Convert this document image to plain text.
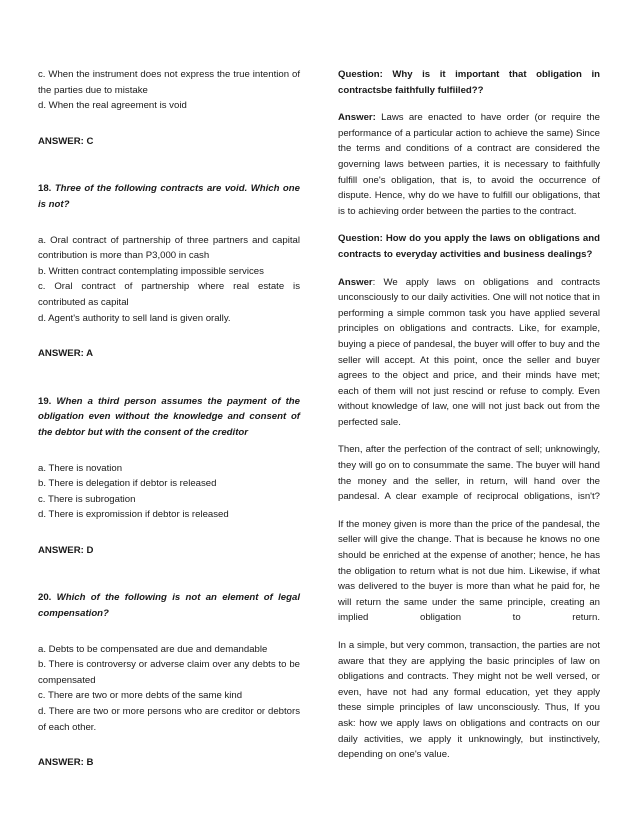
c. When the instrument does not express the true intention of the parties due to mistake

d. When the real agreement is void

ANSWER: C

18. Three of the following contracts are void. Which one is not?

a. Oral contract of partnership of three partners and capital contribution is more than P3,000 in cash

b. Written contract contemplating impossible services

c. Oral contract of partnership where real estate is contributed as capital

d. Agent's authority to sell land is given orally.

ANSWER: A

19. When a third person assumes the payment of the obligation even without the knowledge and consent of the debtor but with the consent of the creditor

a. There is novation

b. There is delegation if debtor is released

c. There is subrogation

d. There is expromission if debtor is released

ANSWER: D

20. Which of the following is not an element of legal compensation?

a. Debts to be compensated are due and demandable

b. There is controversy or adverse claim over any debts to be compensated

c. There are two or more debts of the same kind

d. There are two or more persons who are creditor or debtors of each other.

ANSWER: B

Question: Why is it important that obligation in contractsbe faithfully fulfiiled??

Answer: Laws are enacted to have order (or require the performance of a particular action to achieve the same) Since the terms and conditions of a contract are considered the governing laws between parties, it is necessary to faithfully fulfill one's obligation, that is, to avoid the occurrence of dispute. Hence, why do we have to fulfill our obligations, that is to achieving order between the parties to the contract.

Question: How do you apply the laws on obligations and contracts to everyday activities and business dealings?

Answer: We apply laws on obligations and contracts unconsciously to our daily activities. One will not notice that in performing a simple common task you have applied several principles on obligations and contracts. Like, for example, buying a piece of pandesal, the buyer will offer to buy and the seller will accept. At this point, once the seller and buyer agrees to the object and price, and their minds have met; each of them will not just rescind or refuse to comply. Even without knowledge of law, one will not just back out from the perfected sale.

Then, after the perfection of the contract of sell; unknowingly, they will go on to consummate the same. The buyer will hand the money and the seller, in return, will hand over the pandesal. A clear example of reciprocal obligations, isn't?

If the money given is more than the price of the pandesal, the seller will give the change. That is because he knows no one should be enriched at the expense of another; hence, he has the obligation to return what is not due him. Likewise, if what was delivered to the buyer is more than what he paid for, he will return the same under the same principle, creating an implied obligation to return.

In a simple, but very common, transaction, the parties are not aware that they are applying the basic principles of law on obligations and contracts. They might not be well versed, or even, have not had any formal education, yet they apply these simple principles of law unconsciously. Thus, If you ask: how we apply laws on obligations and contracts on our daily activities, we apply it unknowingly, but instinctively, depending on one's value.
